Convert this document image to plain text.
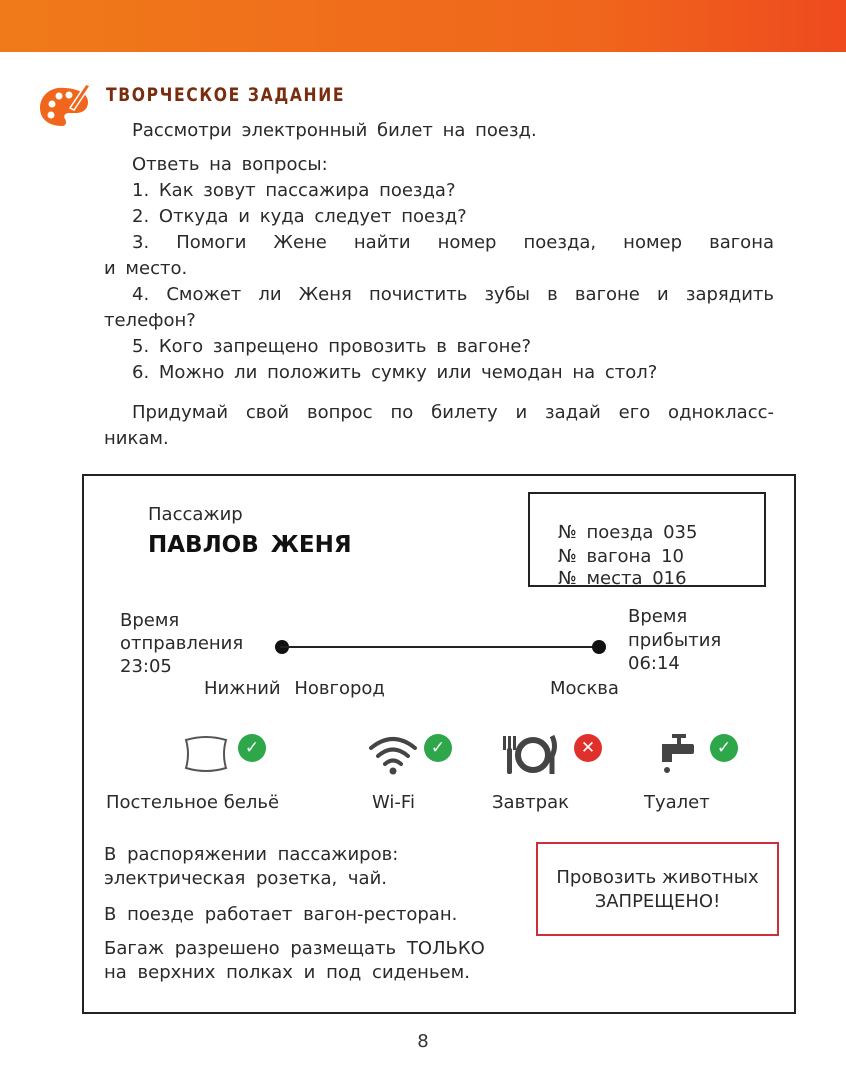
ТВОРЧЕСКОЕ ЗАДАНИЕ
Рассмотри электронный билет на поезд.
Ответь на вопросы:
1. Как зовут пассажира поезда?
2. Откуда и куда следует поезд?
3. Помоги Жене найти номер поезда, номер вагона
и место.
4. Сможет ли Женя почистить зубы в вагоне и зарядить
телефон?
5. Кого запрещено провозить в вагоне?
6. Можно ли положить сумку или чемодан на стол?
Придумай свой вопрос по билету и задай его однокласс-
никам.
Пассажир
ПАВЛОВ ЖЕНЯ	№ поезда 035
№ вагона 10
№ места 016
Время
отправления
23:05
Время
прибытия
06:14
Нижний Новгород	Москва
✓
Постельное бельё
✓
Wi-Fi
✕
Завтрак
✓
Туалет
В распоряжении пассажиров:
электрическая розетка, чай.
В поезде работает вагон-ресторан.
Багаж разрешено размещать ТОЛЬКО
на верхних полках и под сиденьем.
Провозить животных
ЗАПРЕЩЕНО!
8
